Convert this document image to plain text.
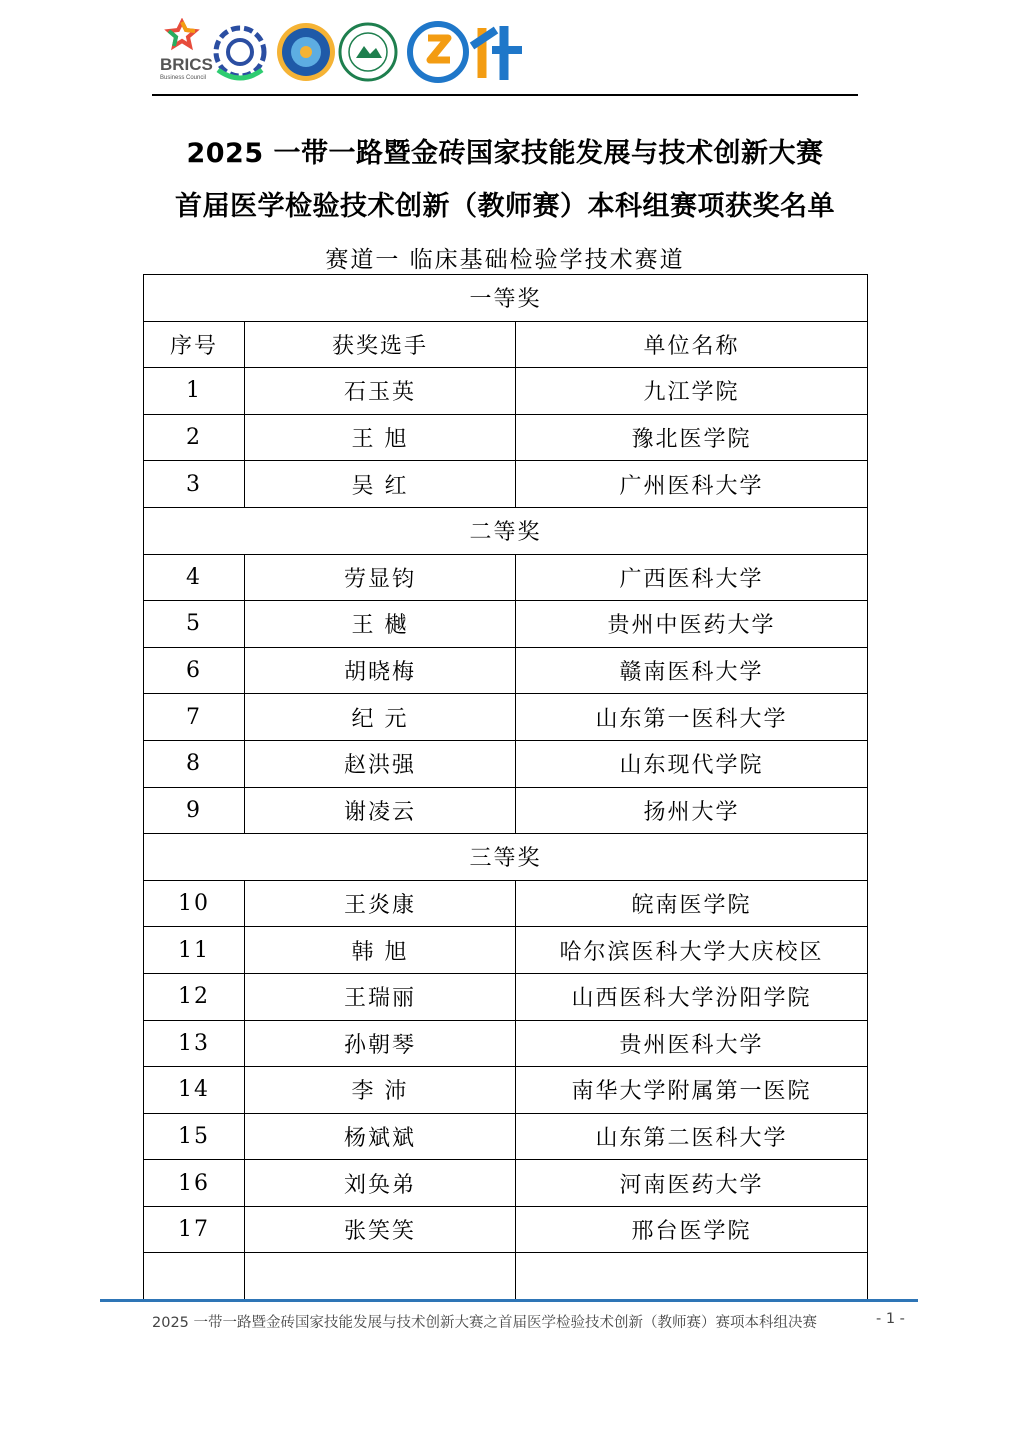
BRICS
Business Council
2025 一带一路暨金砖国家技能发展与技术创新大赛
首届医学检验技术创新（教师赛）本科组赛项获奖名单
赛道一 临床基础检验学技术赛道
一等奖		
序号	获奖选手	单位名称
1	石玉英	九江学院
2	王 旭	豫北医学院
3	吴 红	广州医科大学
二等奖		
4	劳显钧	广西医科大学
5	王 樾	贵州中医药大学
6	胡晓梅	赣南医科大学
7	纪 元	山东第一医科大学
8	赵洪强	山东现代学院
9	谢凌云	扬州大学
三等奖		
10	王炎康	皖南医学院
11	韩 旭	哈尔滨医科大学大庆校区
12	王瑞丽	山西医科大学汾阳学院
13	孙朝琴	贵州医科大学
14	李 沛	南华大学附属第一医院
15	杨斌斌	山东第二医科大学
16	刘奂弟	河南医药大学
17	张笑笑	邢台医学院

2025 一带一路暨金砖国家技能发展与技术创新大赛之首届医学检验技术创新（教师赛）赛项本科组决赛	- 1 -
